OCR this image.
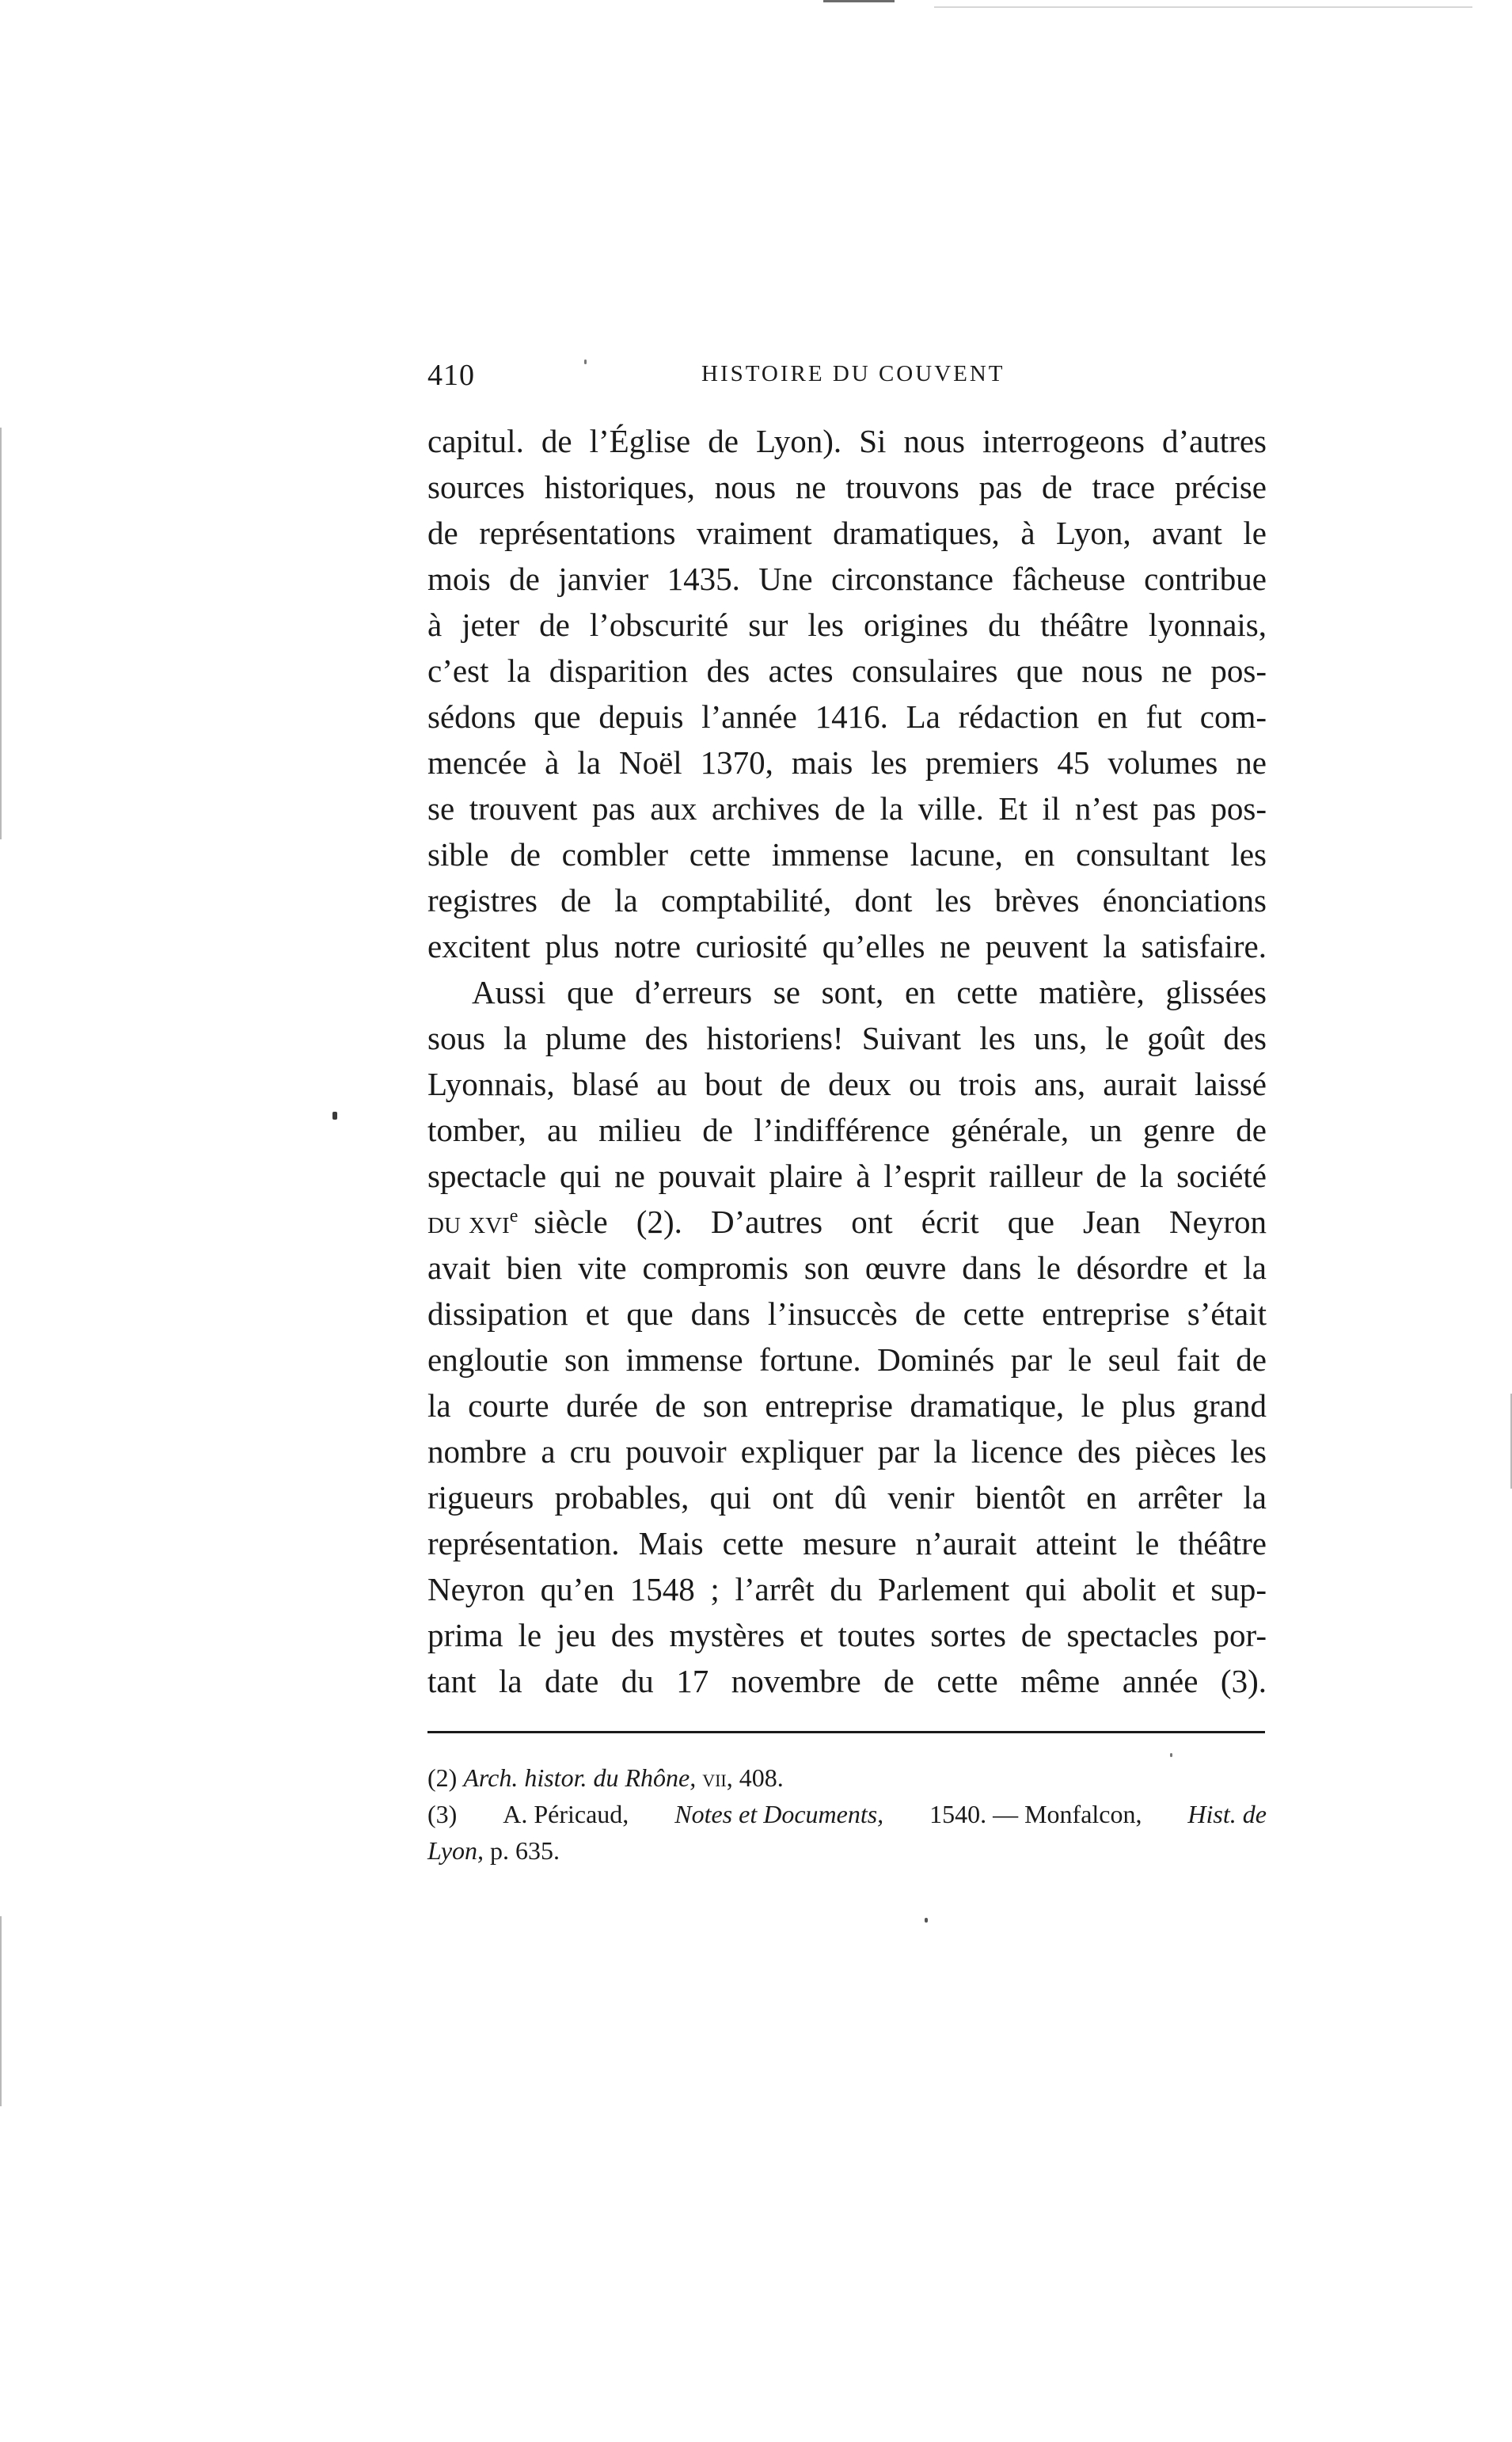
410	HISTOIRE DU COUVENT
capitul. de l’Église de Lyon). Si nous interrogeons d’autres
sources historiques, nous ne trouvons pas de trace précise
de représentations vraiment dramatiques, à Lyon, avant le
mois de janvier 1435. Une circonstance fâcheuse contribue
à jeter de l’obscurité sur les origines du théâtre lyonnais,
c’est la disparition des actes consulaires que nous ne pos-
sédons que depuis l’année 1416. La rédaction en fut com-
mencée à la Noël 1370, mais les premiers 45 volumes ne
se trouvent pas aux archives de la ville. Et il n’est pas pos-
sible de combler cette immense lacune, en consultant les
registres de la comptabilité, dont les brèves énonciations
excitent plus notre curiosité qu’elles ne peuvent la satisfaire.
Aussi que d’erreurs se sont, en cette matière, glissées
sous la plume des historiens! Suivant les uns, le goût des
Lyonnais, blasé au bout de deux ou trois ans, aurait laissé
tomber, au milieu de l’indifférence générale, un genre de
spectacle qui ne pouvait plaire à l’esprit railleur de la société
du xvi$^e$ siècle (2). D’autres ont écrit que Jean Neyron
avait bien vite compromis son œuvre dans le désordre et la
dissipation et que dans l’insuccès de cette entreprise s’était
engloutie son immense fortune. Dominés par le seul fait de
la courte durée de son entreprise dramatique, le plus grand
nombre a cru pouvoir expliquer par la licence des pièces les
rigueurs probables, qui ont dû venir bientôt en arrêter la
représentation. Mais cette mesure n’aurait atteint le théâtre
Neyron qu’en 1548 ; l’arrêt du Parlement qui abolit et sup-
prima le jeu des mystères et toutes sortes de spectacles por-
tant la date du 17 novembre de cette même année (3).
(2) Arch. histor. du Rhône, vii, 408.
(3) A. Péricaud, Notes et Documents, 1540. — Monfalcon, Hist. de
Lyon, p. 635.
